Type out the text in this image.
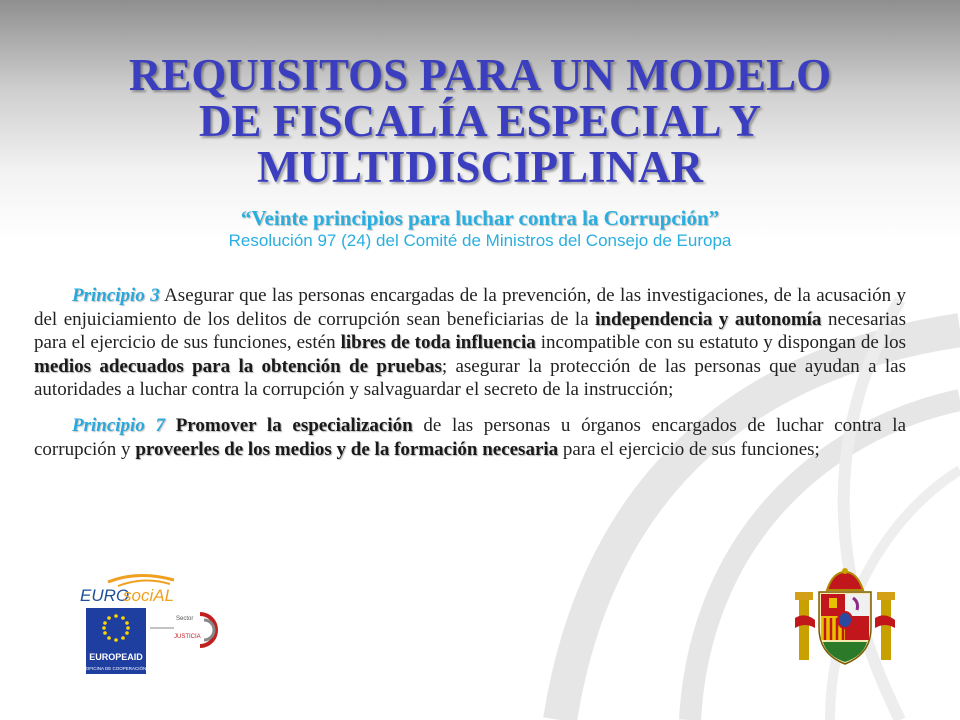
REQUISITOS PARA UN MODELO
DE FISCALÍA ESPECIAL Y
MULTIDISCIPLINAR
“Veinte principios para luchar contra la Corrupción”
Resolución 97 (24) del Comité de Ministros del Consejo de Europa

Principio 3 Asegurar que las personas encargadas de la prevención, de las investigaciones, de la acusación y del enjuiciamiento de los delitos de corrupción sean beneficiarias de la independencia y autonomía necesarias para el ejercicio de sus funciones, estén libres de toda influencia incompatible con su estatuto y dispongan de los medios adecuados para la obtención de pruebas; asegurar la protección de las personas que ayudan a las autoridades a luchar contra la corrupción y salvaguardar el secreto de la instrucción;

Principio 7 Promover la especialización de las personas u órganos encargados de luchar contra la corrupción y proveerles de los medios y de la formación necesaria para el ejercicio de sus funciones;

EURO
sociAL
EUROPEAID
OFICINA DE COOPERACIÓN
Sector
JUSTICIA
